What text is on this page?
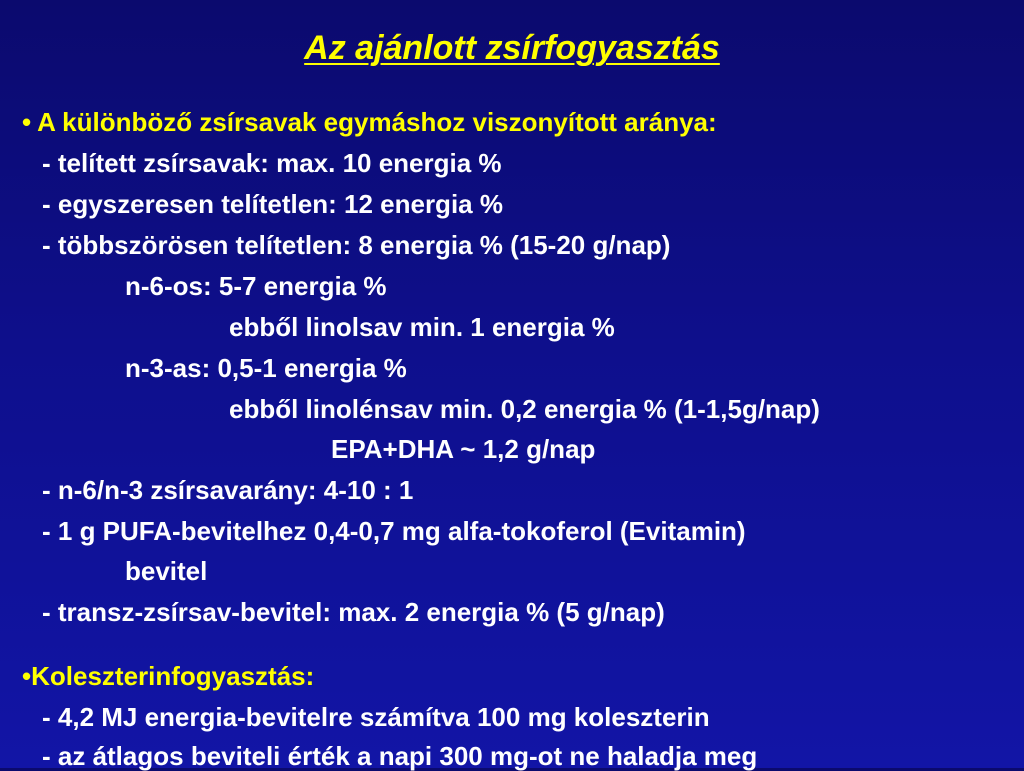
Az ajánlott zsírfogyasztás
• A különböző zsírsavak egymáshoz viszonyított aránya:
- telített zsírsavak: max. 10 energia %
- egyszeresen telítetlen: 12 energia %
- többszörösen telítetlen: 8 energia % (15-20 g/nap)
n-6-os: 5-7 energia %
ebből linolsav min. 1 energia %
n-3-as: 0,5-1 energia %
ebből linolénsav min. 0,2 energia % (1-1,5g/nap)
EPA+DHA ~ 1,2 g/nap
- n-6/n-3 zsírsavarány: 4-10 : 1
- 1 g PUFA-bevitelhez 0,4-0,7 mg alfa-tokoferol (Evitamin)
bevitel
- transz-zsírsav-bevitel: max. 2 energia % (5 g/nap)
•Koleszterinfogyasztás:
- 4,2 MJ energia-bevitelre számítva 100 mg koleszterin
- az átlagos beviteli érték a napi 300 mg-ot ne haladja meg
